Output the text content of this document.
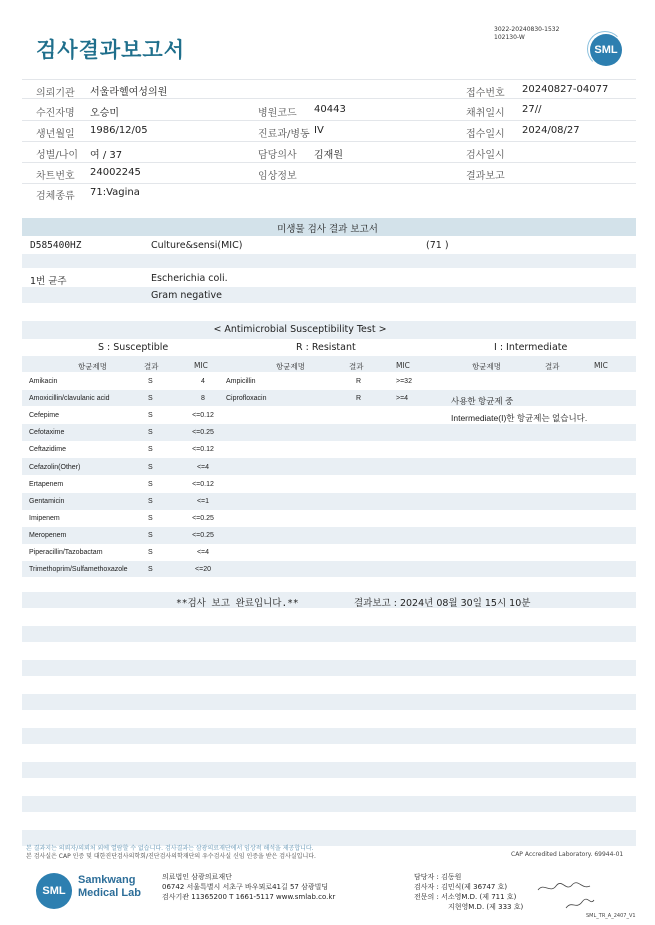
검사결과보고서
3022-20240830-1532
102130-W
SML
의뢰기관 서울라헬여성의원	접수번호 20240827-04077
수진자명 오승미	병원코드 40443	채취일시 27//
생년월일 1986/12/05	진료과/병동 IV	접수일시 2024/08/27
성별/나이 여 / 37	담당의사 김재원	검사일시
차트번호 24002245	임상정보	결과보고
검체종류 71:Vagina
미생물 검사 결과 보고서
D585400HZ	Culture&sensi(MIC)	(71 )
1번 균주	Escherichia coli.
Gram negative
< Antimicrobial Susceptibility Test >
S : Susceptible	R : Resistant	I : Intermediate
항균제명	결과	MIC	항균제명	결과	MIC	항균제명	결과	MIC
Amikacin	S	4
Amoxicillin/clavulanic acid	S	8
Cefepime	S	<=0.12
Cefotaxime	S	<=0.25
Ceftazidime	S	<=0.12
Cefazolin(Other)	S	<=4
Ertapenem	S	<=0.12
Gentamicin	S	<=1
Imipenem	S	<=0.25
Meropenem	S	<=0.25
Piperacillin/Tazobactam	S	<=4
Trimethoprim/Sulfamethoxazole	S	<=20
Ampicillin	R	>=32
Ciprofloxacin	R	>=4	사용한 항균제 중
Intermediate(I)한 항균제는 없습니다.
**검사 보고 완료입니다.**	결과보고 : 2024년 08월 30일 15시 10분
본 결과지는 의뢰자/의뢰처 외에 열람할 수 없습니다. 검사결과는 삼광의료재단에서 임상적 해석을 제공합니다.
본 검사실은 CAP 인증 및 대한진단검사의학회/진단검사의학재단의 우수검사실 신임 인증을 받은 검사실입니다.	CAP Accredited Laboratory. 69944-01
SML
Samkwang
Medical Lab
의료법인 삼광의료재단
06742 서울특별시 서초구 바우뫼로41길 57 삼광빌딩
검사기관 11365200 T 1661-5117 www.smlab.co.kr
담당자 : 김동원
검사자 : 김민식(제 36747 호)
전문의 : 서소영M.D. (제 711 호)
지현영M.D. (제 333 호)
SML_TR_A_2407_V1
